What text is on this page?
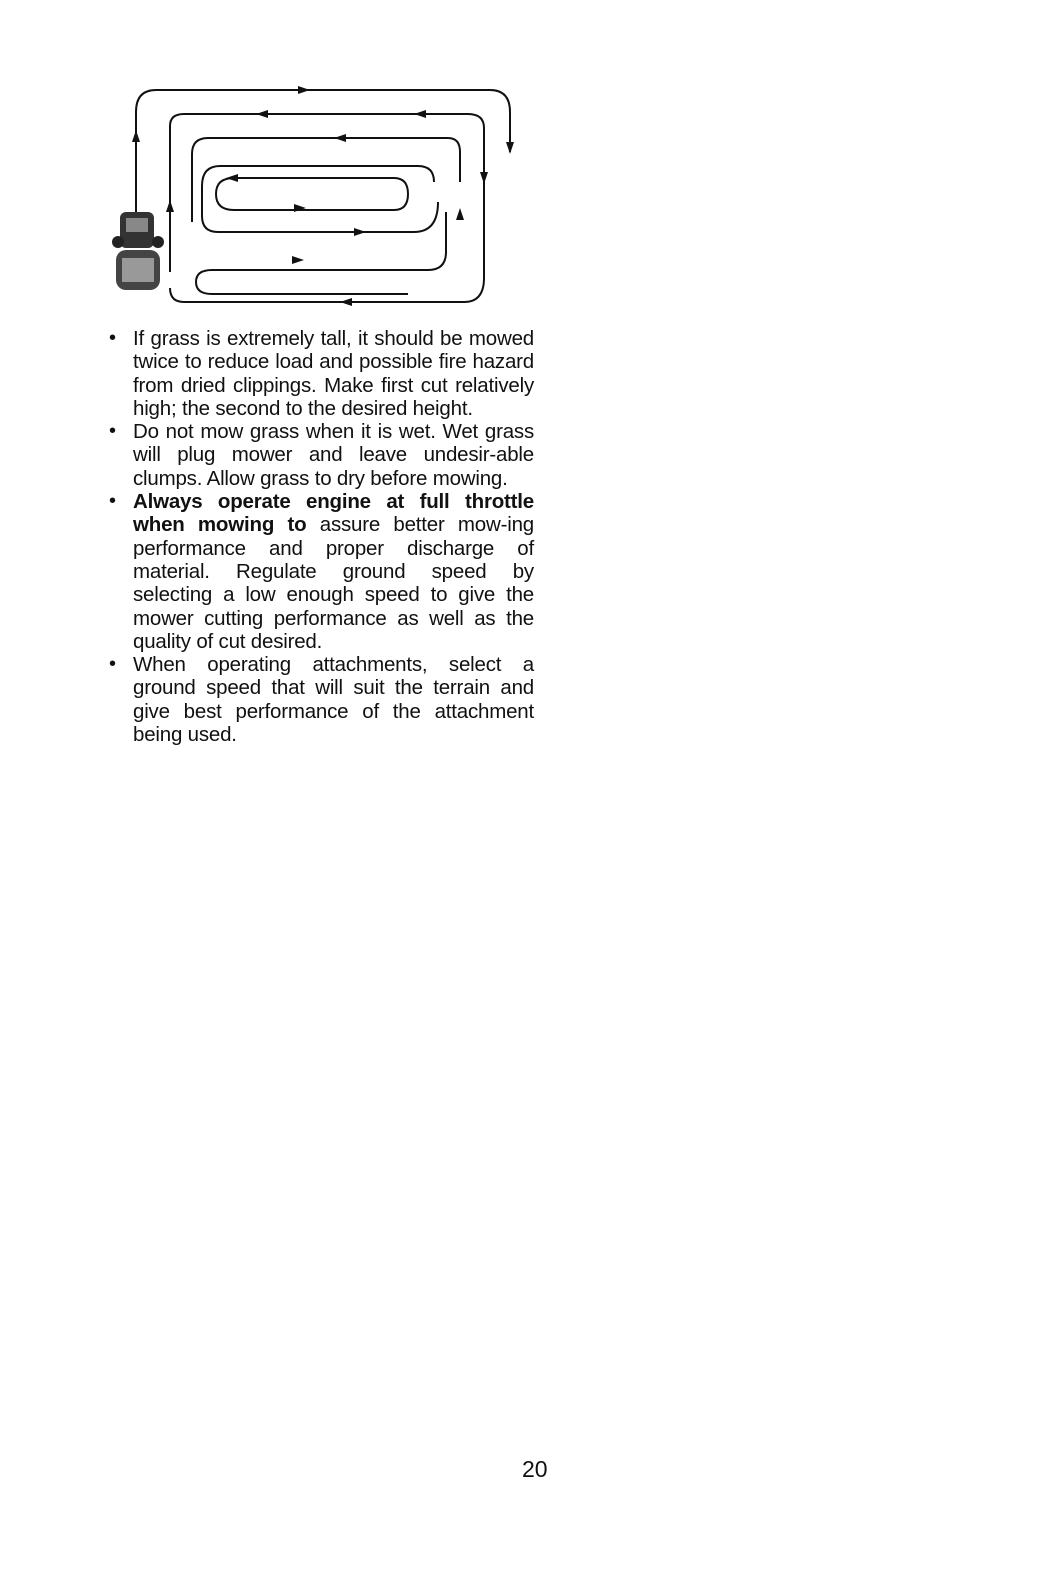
• If grass is extremely tall, it should be mowed twice to reduce load and possible fire hazard from dried clippings. Make first cut relatively high; the second to the desired height.
• Do not mow grass when it is wet. Wet grass will plug mower and leave undesir-able clumps. Allow grass to dry before mowing.
• Always operate engine at full throttle when mowing to assure better mow-ing performance and proper discharge of material. Regulate ground speed by selecting a low enough speed to give the mower cutting performance as well as the quality of cut desired.
• When operating attachments, select a ground speed that will suit the terrain and give best performance of the attachment being used.
20
